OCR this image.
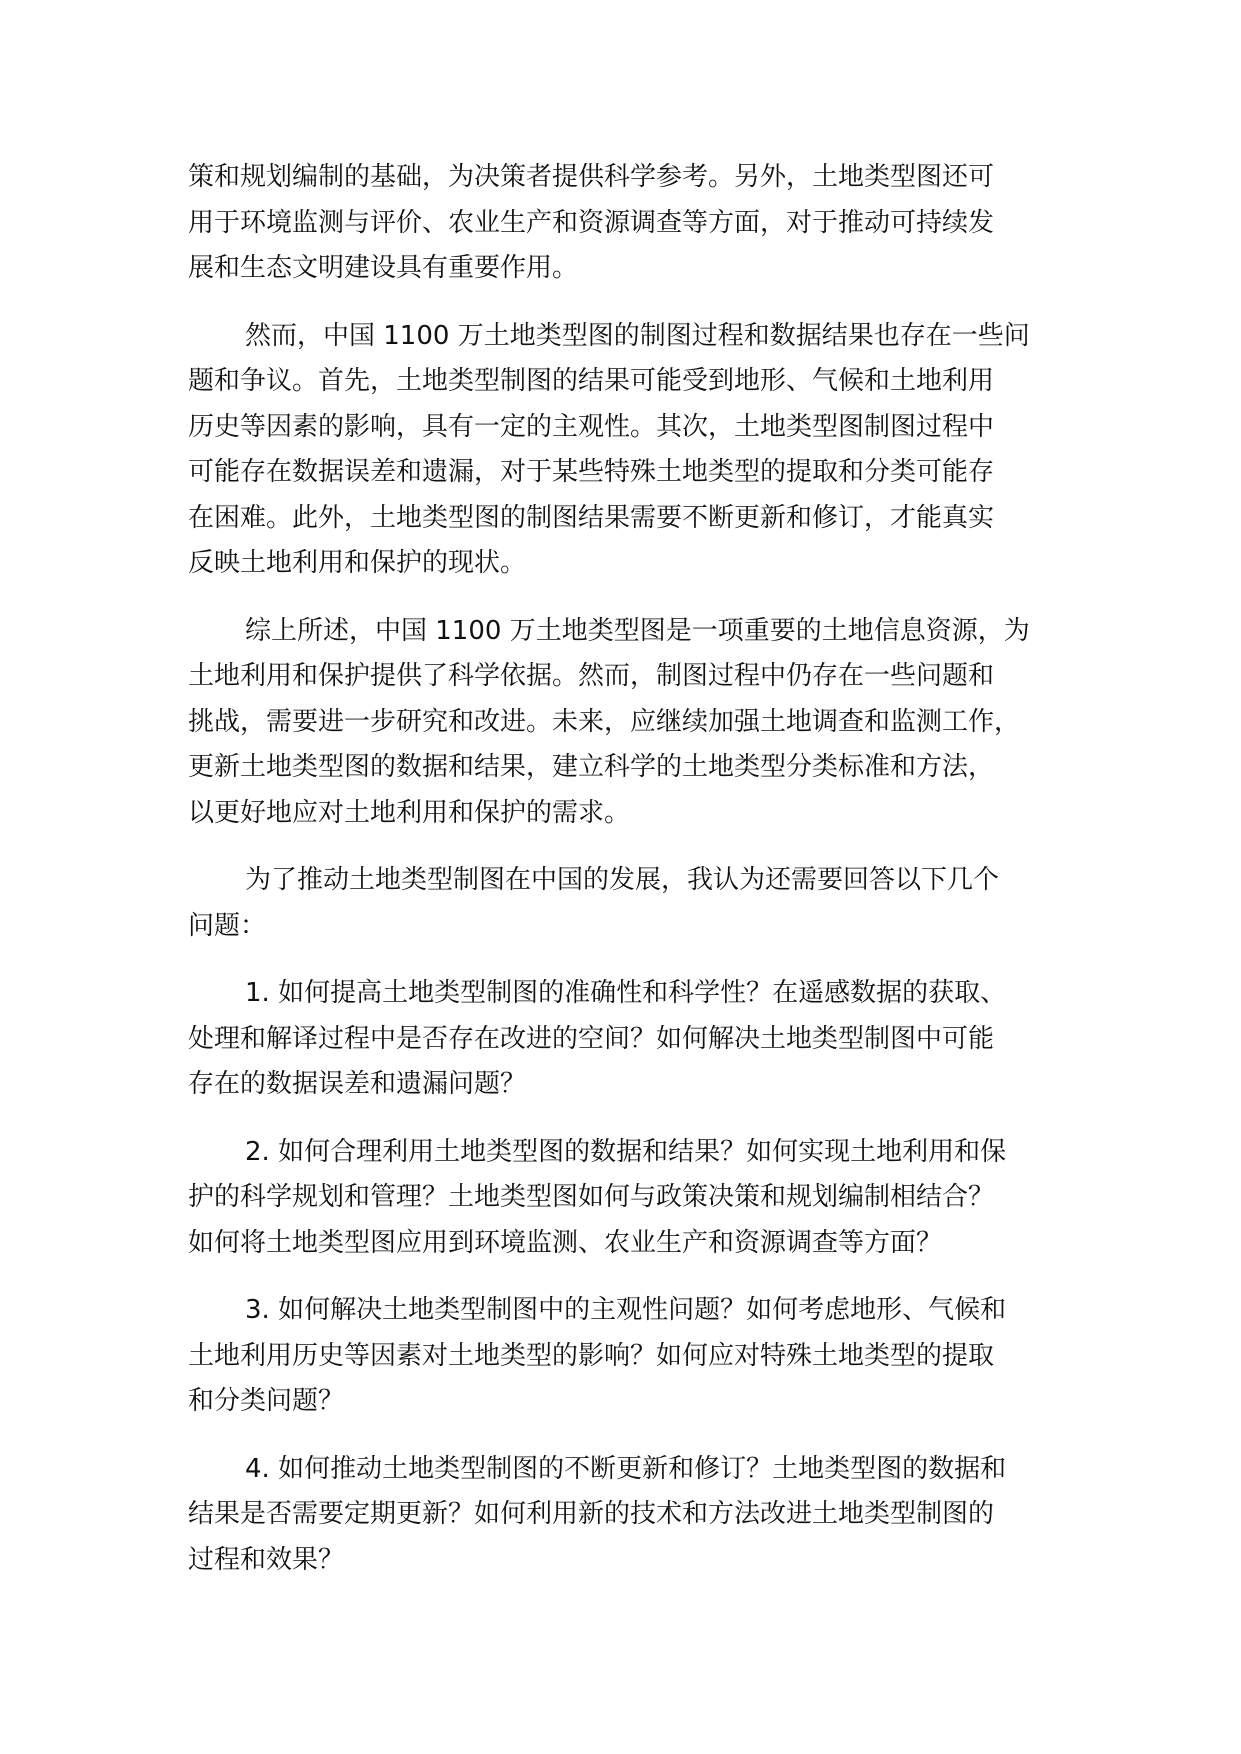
策和规划编制的基础，为决策者提供科学参考。另外，土地类型图还可
用于环境监测与评价、农业生产和资源调查等方面，对于推动可持续发
展和生态文明建设具有重要作用。
然而，中国 1100 万土地类型图的制图过程和数据结果也存在一些问
题和争议。首先，土地类型制图的结果可能受到地形、气候和土地利用
历史等因素的影响，具有一定的主观性。其次，土地类型图制图过程中
可能存在数据误差和遗漏，对于某些特殊土地类型的提取和分类可能存
在困难。此外，土地类型图的制图结果需要不断更新和修订，才能真实
反映土地利用和保护的现状。
综上所述，中国 1100 万土地类型图是一项重要的土地信息资源，为
土地利用和保护提供了科学依据。然而，制图过程中仍存在一些问题和
挑战，需要进一步研究和改进。未来，应继续加强土地调查和监测工作，
更新土地类型图的数据和结果，建立科学的土地类型分类标准和方法，
以更好地应对土地利用和保护的需求。
为了推动土地类型制图在中国的发展，我认为还需要回答以下几个
问题：
1. 如何提高土地类型制图的准确性和科学性？在遥感数据的获取、
处理和解译过程中是否存在改进的空间？如何解决土地类型制图中可能
存在的数据误差和遗漏问题？
2. 如何合理利用土地类型图的数据和结果？如何实现土地利用和保
护的科学规划和管理？土地类型图如何与政策决策和规划编制相结合？
如何将土地类型图应用到环境监测、农业生产和资源调查等方面？
3. 如何解决土地类型制图中的主观性问题？如何考虑地形、气候和
土地利用历史等因素对土地类型的影响？如何应对特殊土地类型的提取
和分类问题？
4. 如何推动土地类型制图的不断更新和修订？土地类型图的数据和
结果是否需要定期更新？如何利用新的技术和方法改进土地类型制图的
过程和效果？
